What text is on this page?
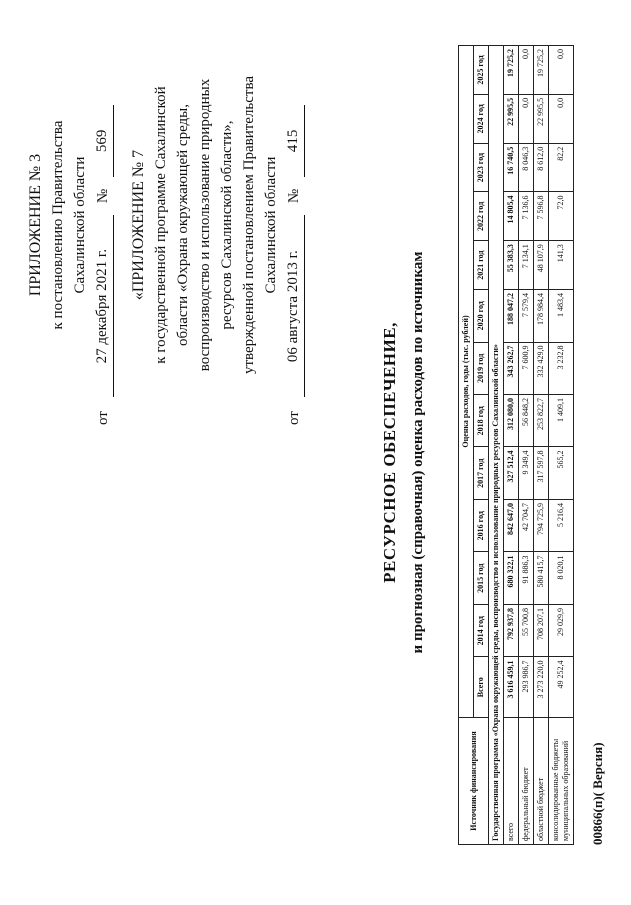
ПРИЛОЖЕНИЕ № 3 к постановлению Правительства Сахалинской области
от
27 декабря 2021 г.
№
569
«ПРИЛОЖЕНИЕ № 7 к государственной программе Сахалинской области «Охрана окружающей среды, воспроизводство и использование природных ресурсов Сахалинской области», утвержденной постановлением Правительства Сахалинской области
от
06 августа 2013 г.
№
415
РЕСУРСНОЕ ОБЕСПЕЧЕНИЕ, и прогнозная (справочная) оценка расходов по источникам
Источник финансирования	Оценка расходов, годы (тыс. рублей)												
	Всего	2014 год	2015 год	2016 год	2017 год	2018 год	2019 год	2020 год	2021 год	2022 год	2023 год	2024 год	2025 год
Государственная программа «Охрана окружающей среды, воспроизводство и использование природных ресурсов Сахалинской области»													
всего	3 616 459,1	792 937,8	680 322,1	842 647,0	327 512,4	312 080,0	343 262,7	188 047,2	55 383,3	14 805,4	16 740,5	22 995,5	19 725,2
федеральный бюджет	293 986,7	55 700,8	91 886,3	42 704,7	9 349,4	56 848,2	7 600,9	7 579,4	7 134,1	7 136,6	8 046,3	0,0	0,0
областной бюджет	3 273 220,0	708 207,1	580 415,7	794 725,9	317 597,8	253 822,7	332 429,0	178 984,4	48 107,9	7 596,8	8 612,0	22 995,5	19 725,2
консолидированные бюджеты муниципальных образований	49 252,4	29 029,9	8 020,1	5 216,4	565,2	1 409,1	3 232,8	1 483,4	141,3	72,0	82,2	0,0	0,0
00866(п)( Версия)
